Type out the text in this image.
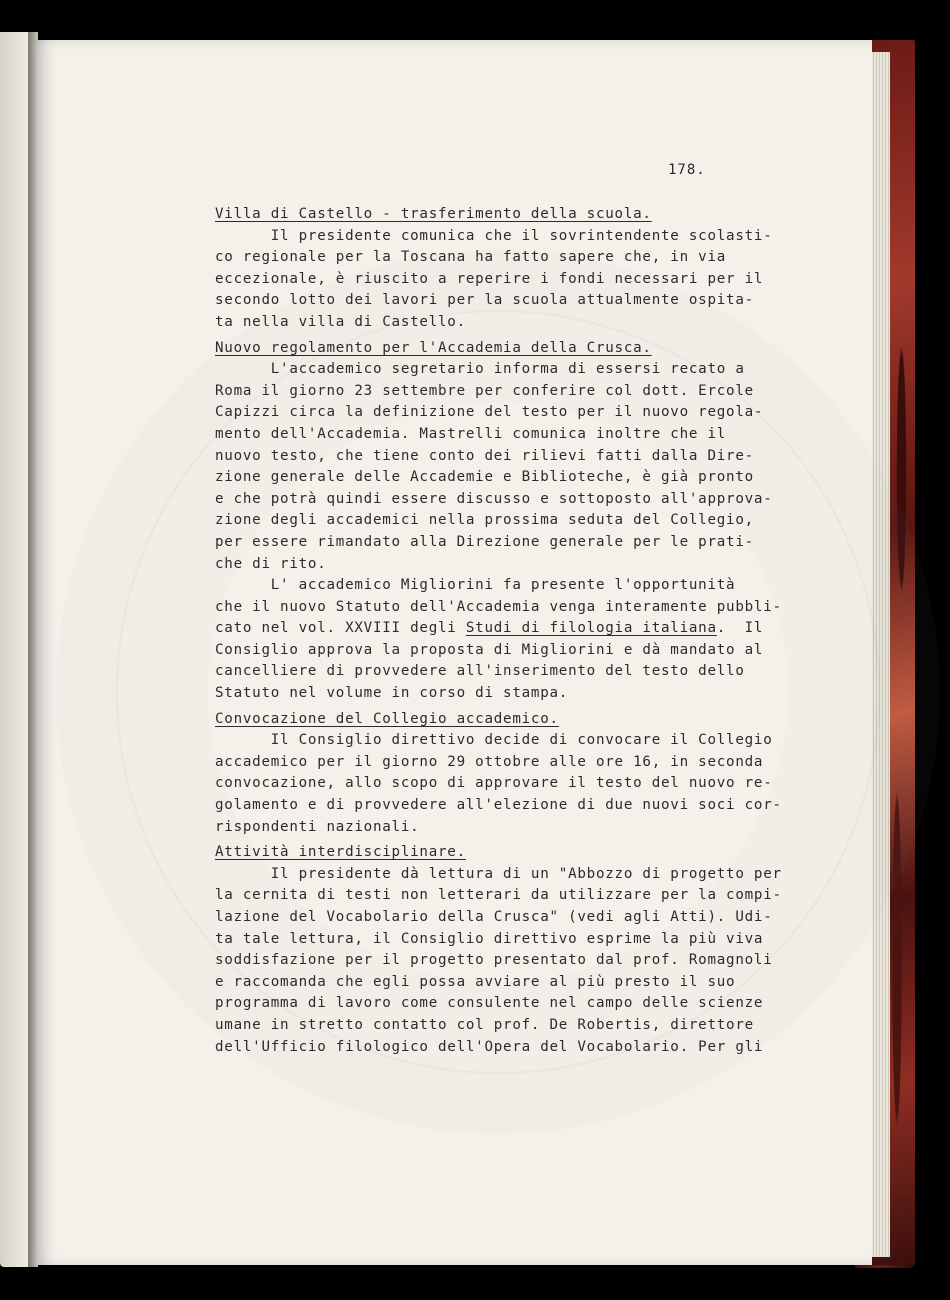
178.
Villa di Castello - trasferimento della scuola.
Il presidente comunica che il sovrintendente scolasti-
co regionale per la Toscana ha fatto sapere che, in via
eccezionale, è riuscito a reperire i fondi necessari per il
secondo lotto dei lavori per la scuola attualmente ospita-
ta nella villa di Castello.
Nuovo regolamento per l'Accademia della Crusca.
L'accademico segretario informa di essersi recato a
Roma il giorno 23 settembre per conferire col dott. Ercole
Capizzi circa la definizione del testo per il nuovo regola-
mento dell'Accademia. Mastrelli comunica inoltre che il
nuovo testo, che tiene conto dei rilievi fatti dalla Dire-
zione generale delle Accademie e Biblioteche, è già pronto
e che potrà quindi essere discusso e sottoposto all'approva-
zione degli accademici nella prossima seduta del Collegio,
per essere rimandato alla Direzione generale per le prati-
che di rito.
L' accademico Migliorini fa presente l'opportunità
che il nuovo Statuto dell'Accademia venga interamente pubbli-
cato nel vol. XXVIII degli Studi di filologia italiana.  Il
Consiglio approva la proposta di Migliorini e dà mandato al
cancelliere di provvedere all'inserimento del testo dello
Statuto nel volume in corso di stampa.
Convocazione del Collegio accademico.
Il Consiglio direttivo decide di convocare il Collegio
accademico per il giorno 29 ottobre alle ore 16, in seconda
convocazione, allo scopo di approvare il testo del nuovo re-
golamento e di provvedere all'elezione di due nuovi soci cor-
rispondenti nazionali.
Attività interdisciplinare.
Il presidente dà lettura di un "Abbozzo di progetto per
la cernita di testi non letterari da utilizzare per la compi-
lazione del Vocabolario della Crusca" (vedi agli Atti). Udi-
ta tale lettura, il Consiglio direttivo esprime la più viva
soddisfazione per il progetto presentato dal prof. Romagnoli
e raccomanda che egli possa avviare al più presto il suo
programma di lavoro come consulente nel campo delle scienze
umane in stretto contatto col prof. De Robertis, direttore
dell'Ufficio filologico dell'Opera del Vocabolario. Per gli
